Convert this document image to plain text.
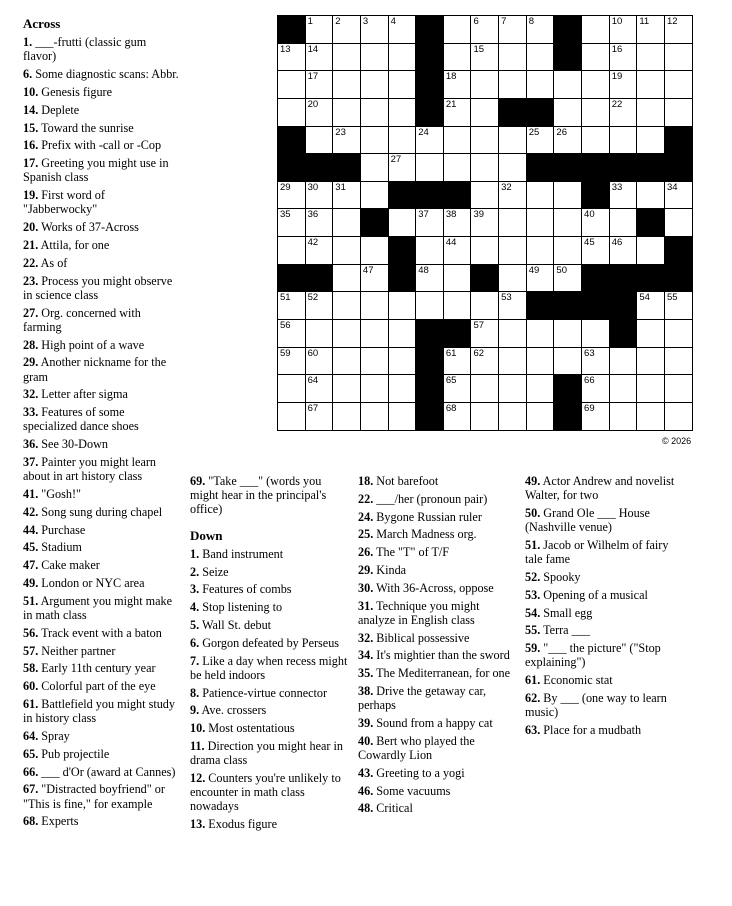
Across
1. ___-frutti (classic gum flavor)
6. Some diagnostic scans: Abbr.
10. Genesis figure
14. Deplete
15. Toward the sunrise
16. Prefix with -call or -Cop
17. Greeting you might use in Spanish class
19. First word of "Jabberwocky"
20. Works of 37-Across
21. Attila, for one
22. As of
23. Process you might observe in science class
27. Org. concerned with farming
28. High point of a wave
29. Another nickname for the gram
32. Letter after sigma
33. Features of some specialized dance shoes
36. See 30-Down
37. Painter you might learn about in art history class
41. "Gosh!"
42. Song sung during chapel
44. Purchase
45. Stadium
47. Cake maker
49. London or NYC area
51. Argument you might make in math class
56. Track event with a baton
57. Neither partner
58. Early 11th century year
60. Colorful part of the eye
61. Battlefield you might study in history class
64. Spray
65. Pub projectile
66. ___ d'Or (award at Cannes)
67. "Distracted boyfriend" or "This is fine," for example
68. Experts
69. "Take ___" (words you might hear in the principal's office)
Down
1. Band instrument
2. Seize
3. Features of combs
4. Stop listening to
5. Wall St. debut
6. Gorgon defeated by Perseus
7. Like a day when recess might be held indoors
8. Patience-virtue connector
9. Ave. crossers
10. Most ostentatious
11. Direction you might hear in drama class
12. Counters you're unlikely to encounter in math class nowadays
13. Exodus figure
18. Not barefoot
22. ___/her (pronoun pair)
24. Bygone Russian ruler
25. March Madness org.
26. The "T" of T/F
29. Kinda
30. With 36-Across, oppose
31. Technique you might analyze in English class
32. Biblical possessive
34. It's mightier than the sword
35. The Mediterranean, for one
38. Drive the getaway car, perhaps
39. Sound from a happy cat
40. Bert who played the Cowardly Lion
43. Greeting to a yogi
46. Some vacuums
48. Critical
49. Actor Andrew and novelist Walter, for two
50. Grand Ole ___ House (Nashville venue)
51. Jacob or Wilhelm of fairy tale fame
52. Spooky
53. Opening of a musical
54. Small egg
55. Terra ___
59. "___ the picture" ("Stop explaining")
61. Economic stat
62. By ___ (one way to learn music)
63. Place for a mudbath
1 2 3 4	6 7 8	10 11 12
13 14	15	16
17	18	19
20	21	22
23	24	25 26
27
29 30 31	32	33	34
35 36	37 38 39	40
42	44	45 46
47	48	49 50
51 52	53	54 55
56	57
59 60	61 62	63
64	65	66
67	68	69
© 2026
